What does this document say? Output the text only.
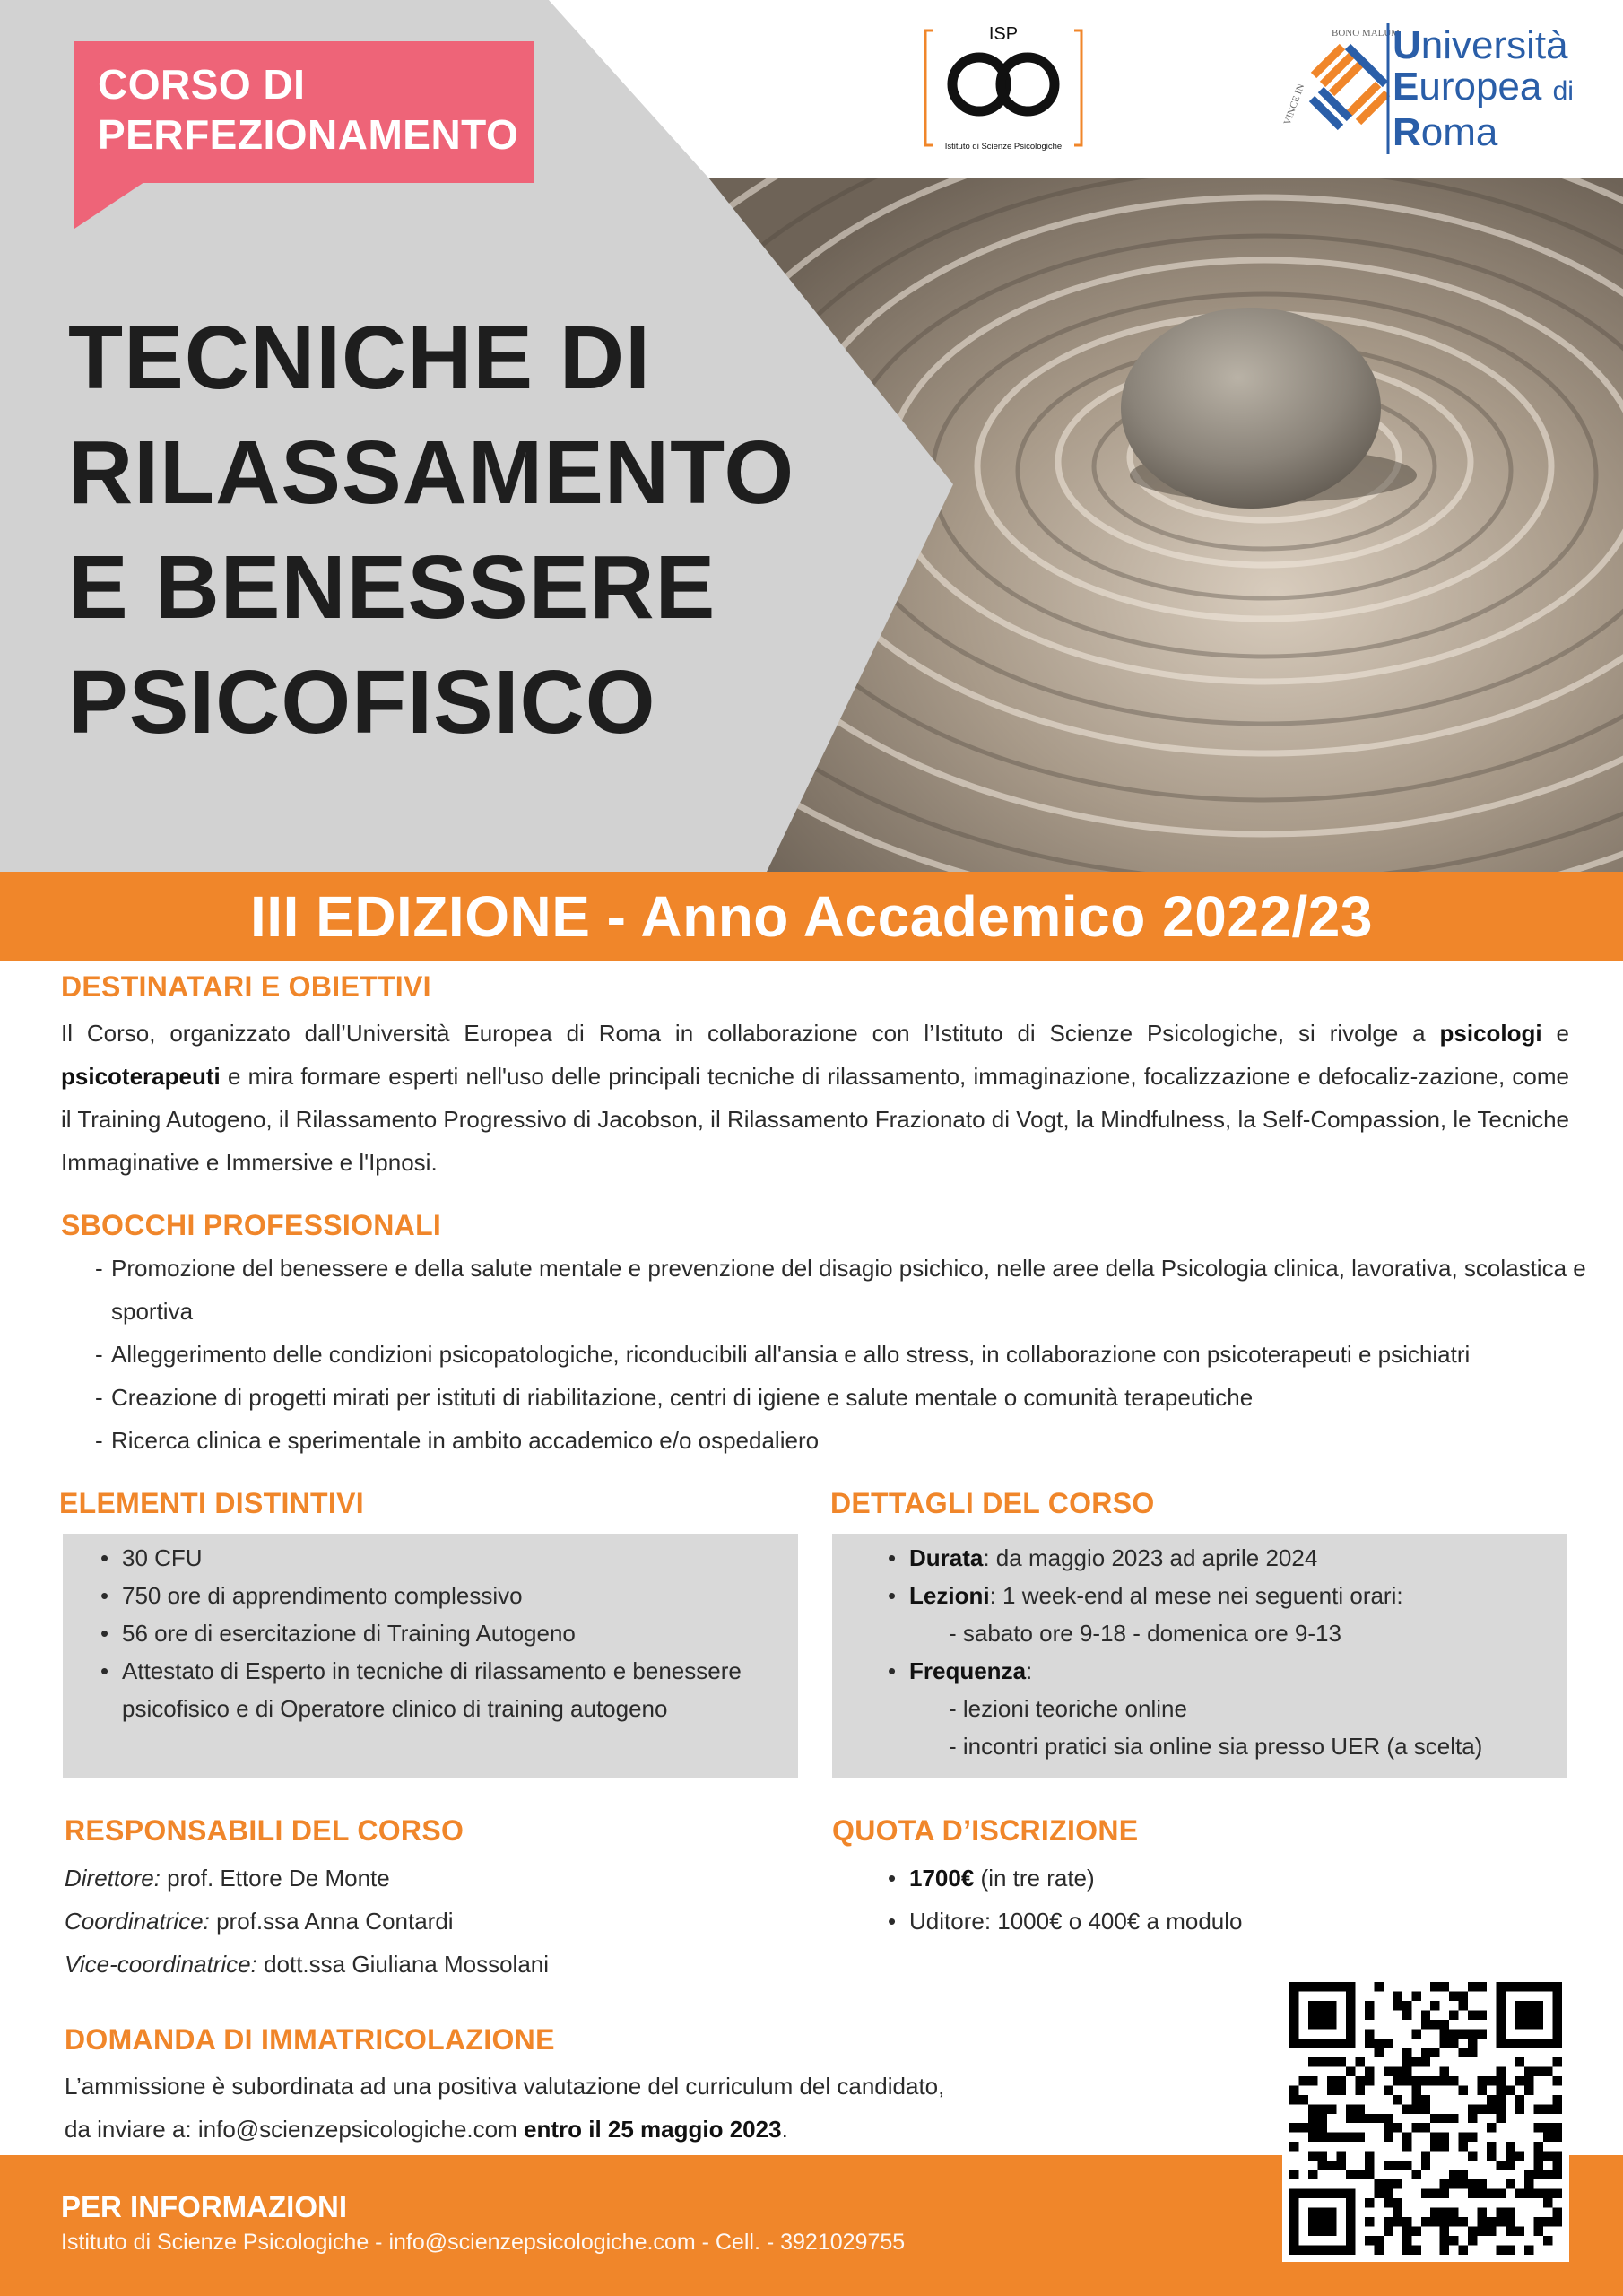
CORSO DI
PERFEZIONAMENTO
TECNICHE DI
RILASSAMENTO
E BENESSERE
PSICOFISICO
ISP
Istituto di Scienze Psicologiche
BONO MALUM
VINCE IN
Università
Europea di
Roma
III EDIZIONE - Anno Accademico 2022/23
DESTINATARI E OBIETTIVI
Il Corso, organizzato dall’Università Europea di Roma in collaborazione con l’Istituto di Scienze Psicologiche, si rivolge a psicologi e psicoterapeuti e mira formare esperti nell'uso delle principali tecniche di rilassamento, immaginazione, focalizzazione e defocaliz-zazione, come il Training Autogeno, il Rilassamento Progressivo di Jacobson, il Rilassamento Frazionato di Vogt, la Mindfulness, la Self-Compassion, le Tecniche Immaginative e Immersive e l'Ipnosi.
SBOCCHI PROFESSIONALI
- Promozione del benessere e della salute mentale e prevenzione del disagio psichico, nelle aree della Psicologia clinica, lavorativa, scolastica e sportiva
- Alleggerimento delle condizioni psicopatologiche, riconducibili all'ansia e allo stress, in collaborazione con psicoterapeuti e psichiatri
- Creazione di progetti mirati per istituti di riabilitazione, centri di igiene e salute mentale o comunità terapeutiche
- Ricerca clinica e sperimentale in ambito accademico e/o ospedaliero
ELEMENTI DISTINTIVI
• 30 CFU
• 750 ore di apprendimento complessivo
• 56 ore di esercitazione di Training Autogeno
• Attestato di Esperto in tecniche di rilassamento e benessere psicofisico e di Operatore clinico di training autogeno
DETTAGLI DEL CORSO
• Durata: da maggio 2023 ad aprile 2024
• Lezioni: 1 week-end al mese nei seguenti orari:
- sabato ore 9-18 - domenica ore 9-13
• Frequenza:
- lezioni teoriche online
- incontri pratici sia online sia presso UER (a scelta)
RESPONSABILI DEL CORSO
Direttore: prof. Ettore De Monte
Coordinatrice: prof.ssa Anna Contardi
Vice-coordinatrice: dott.ssa Giuliana Mossolani
QUOTA D’ISCRIZIONE
• 1700€ (in tre rate)
• Uditore: 1000€ o 400€ a modulo
DOMANDA DI IMMATRICOLAZIONE
L’ammissione è subordinata ad una positiva valutazione del curriculum del candidato,
da inviare a: info@scienzepsicologiche.com entro il 25 maggio 2023.
PER INFORMAZIONI
Istituto di Scienze Psicologiche - info@scienzepsicologiche.com - Cell. - 3921029755
